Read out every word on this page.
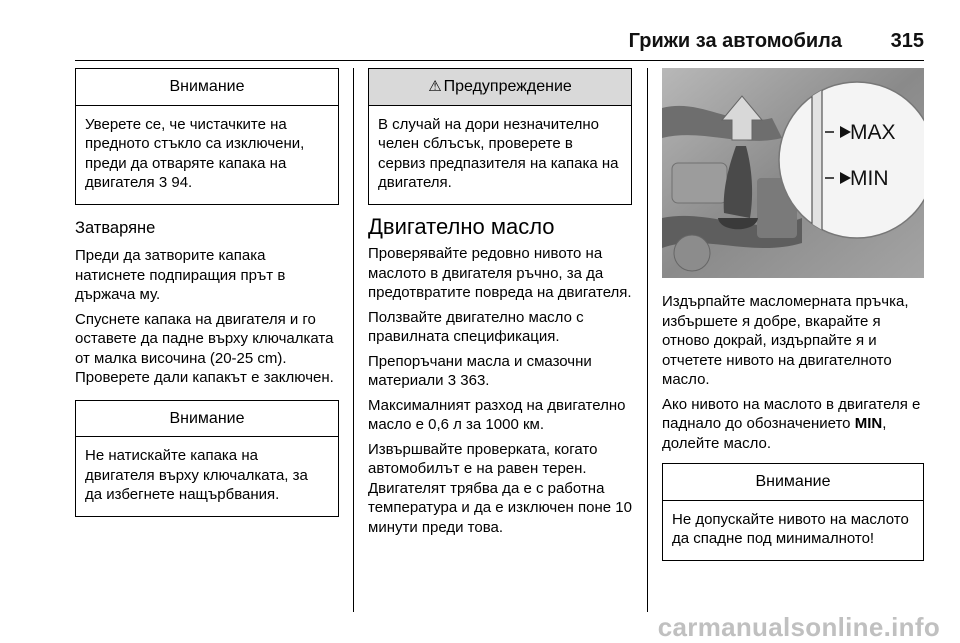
Грижи за автомобила 315
Внимание
Уверете се, че чистачките на предното стъкло са изключени, преди да отваряте капака на двигателя 3 94.
Затваряне

Преди да затворите капака натиснете подпиращия прът в държача му.

Спуснете капака на двигателя и го оставете да падне върху ключалката от малка височина (20-25 cm). Проверете дали капакът е заключен.

Внимание
Не натискайте капака на двигателя върху ключалката, за да избегнете нащърбвания.
⚠ Предупреждение
В случай на дори незначително челен сблъсък, проверете в сервиз предпазителя на капака на двигателя.
Двигателно масло

Проверявайте редовно нивото на маслото в двигателя ръчно, за да предотвратите повреда на двигателя.

Ползвайте двигателно масло с правилната спецификация.

Препоръчани масла и смазочни материали 3 363.

Максималният разход на двигателно масло е 0,6 л за 1000 км.

Извършвайте проверката, когато автомобилът е на равен терен. Двигателят трябва да е с работна температура и да е изключен поне 10 минути преди това.

MAX
MIN

Издърпайте масломерната пръчка, избършете я добре, вкарайте я отново докрай, издърпайте я и отчетете нивото на двигателното масло.

Ако нивото на маслото в двигателя е паднало до обозначението MIN, долейте масло.

Внимание
Не допускайте нивото на маслото да спадне под минималното!
carmanualsonline.info
